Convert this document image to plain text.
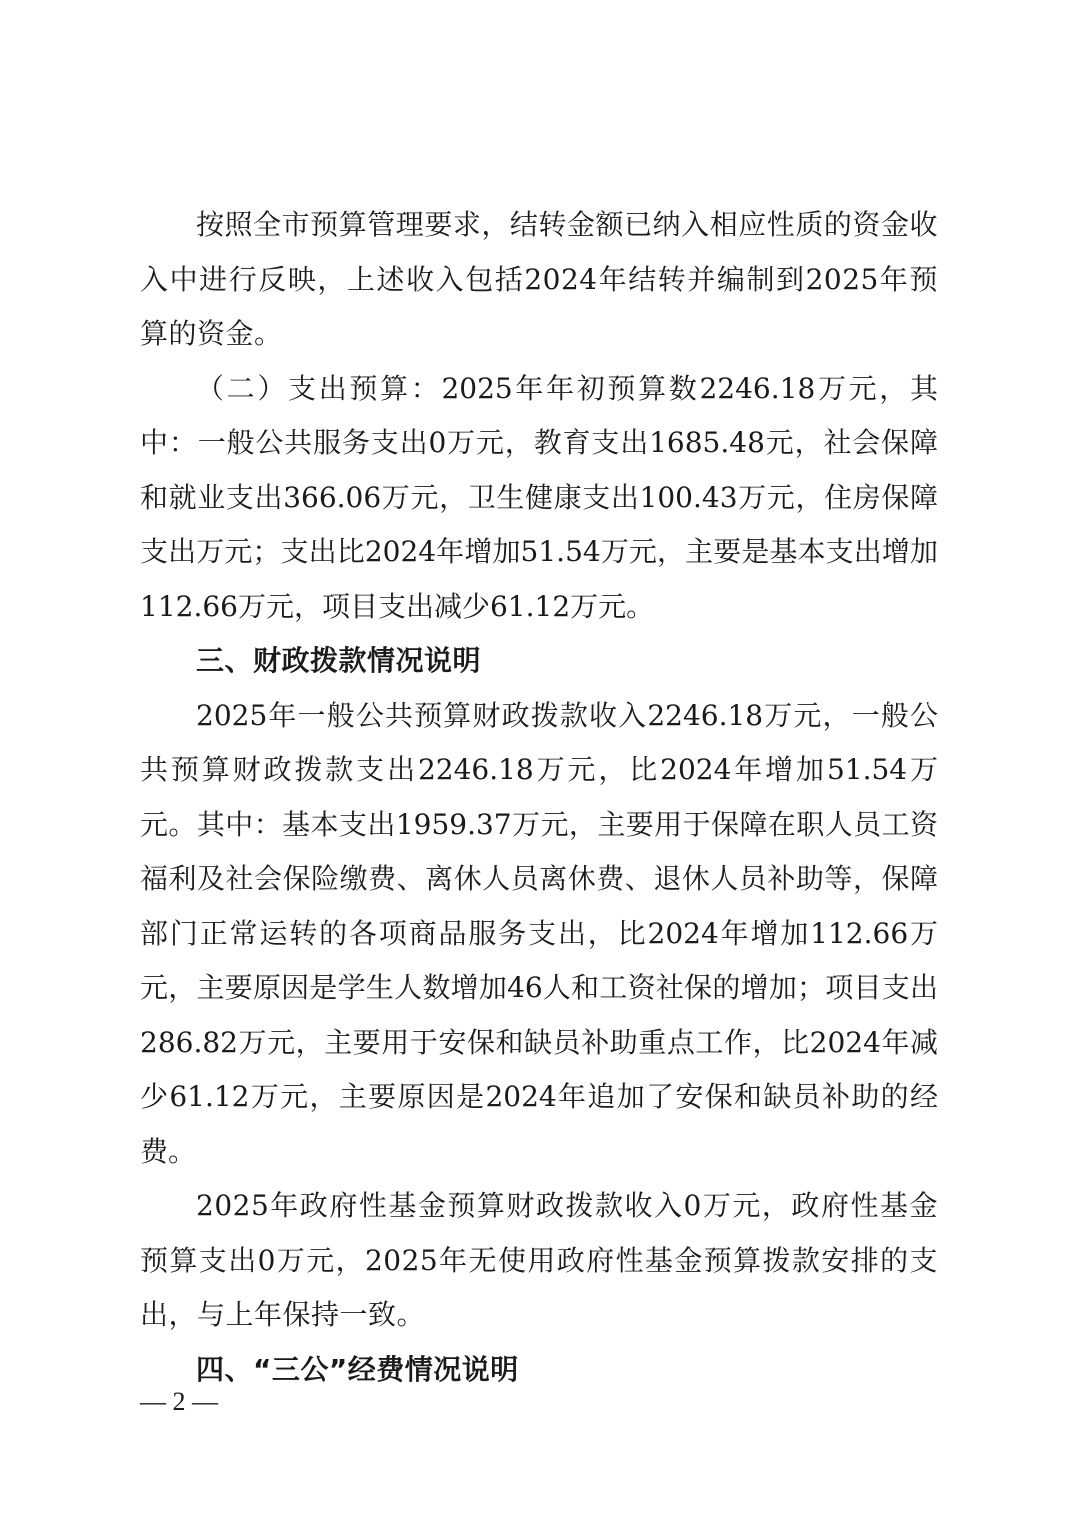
按照全市预算管理要求，结转金额已纳入相应性质的资金收入中进行反映，上述收入包括2024年结转并编制到2025年预算的资金。

（二）支出预算：2025年年初预算数2246.18万元，其中：一般公共服务支出0万元，教育支出1685.48元，社会保障和就业支出366.06万元，卫生健康支出100.43万元，住房保障支出万元；支出比2024年增加51.54万元，主要是基本支出增加112.66万元，项目支出减少61.12万元。

三、财政拨款情况说明

2025年一般公共预算财政拨款收入2246.18万元，一般公共预算财政拨款支出2246.18万元，比2024年增加51.54万元。其中：基本支出1959.37万元，主要用于保障在职人员工资福利及社会保险缴费、离休人员离休费、退休人员补助等，保障部门正常运转的各项商品服务支出，比2024年增加112.66万元，主要原因是学生人数增加46人和工资社保的增加；项目支出286.82万元，主要用于安保和缺员补助重点工作，比2024年减少61.12万元，主要原因是2024年追加了安保和缺员补助的经费。

2025年政府性基金预算财政拨款收入0万元，政府性基金预算支出0万元，2025年无使用政府性基金预算拨款安排的支出，与上年保持一致。

四、“三公”经费情况说明

— 2 —
